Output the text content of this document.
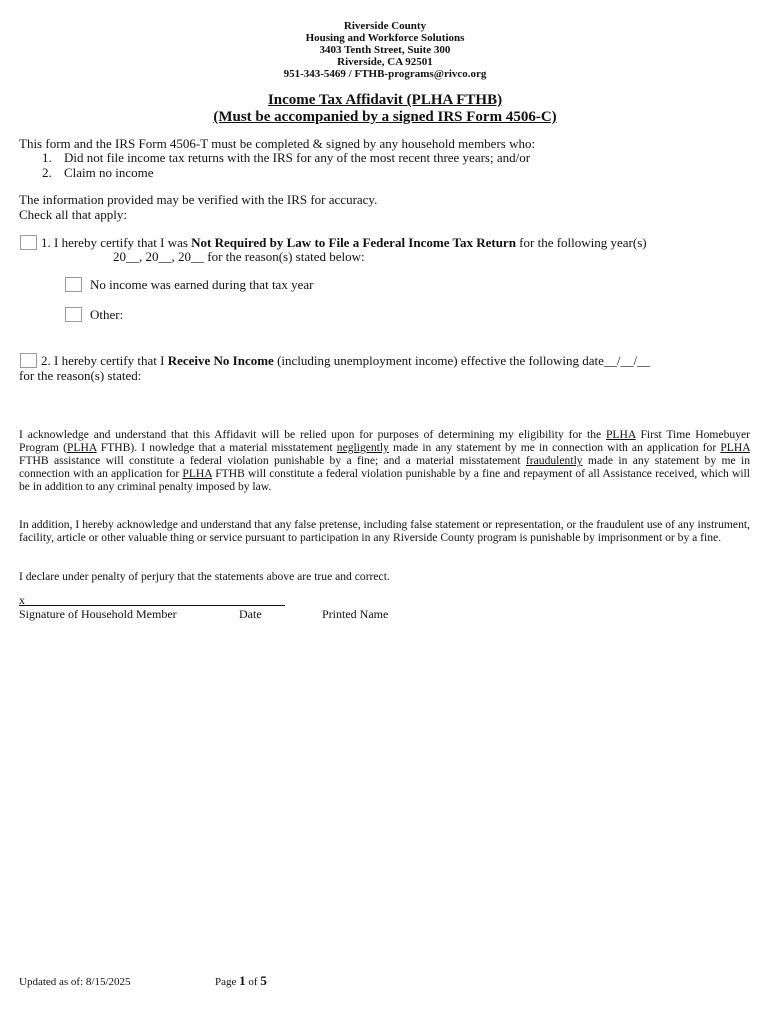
Riverside County
Housing and Workforce Solutions
3403 Tenth Street, Suite 300
Riverside, CA 92501
951-343-5469 / FTHB-programs@rivco.org
Income Tax Affidavit (PLHA FTHB)
(Must be accompanied by a signed IRS Form 4506-C)
This form and the IRS Form 4506-T must be completed & signed by any household members who:
1. Did not file income tax returns with the IRS for any of the most recent three years; and/or
2. Claim no income
The information provided may be verified with the IRS for accuracy.
Check all that apply:
1. I hereby certify that I was Not Required by Law to File a Federal Income Tax Return for the following year(s)
20__, 20__, 20__ for the reason(s) stated below:
No income was earned during that tax year
Other:
2. I hereby certify that I Receive No Income (including unemployment income) effective the following date__/__/__
for the reason(s) stated:
I acknowledge and understand that this Affidavit will be relied upon for purposes of determining my eligibility for the PLHA First Time Homebuyer Program (PLHA FTHB). I nowledge that a material misstatement negligently made in any statement by me in connection with an application for PLHA FTHB assistance will constitute a federal violation punishable by a fine; and a material misstatement fraudulently made in any statement by me in connection with an application for PLHA FTHB will constitute a federal violation punishable by a fine and repayment of all Assistance received, which will be in addition to any criminal penalty imposed by law.
In addition, I hereby acknowledge and understand that any false pretense, including false statement or representation, or the fraudulent use of any instrument, facility, article or other valuable thing or service pursuant to participation in any Riverside County program is punishable by imprisonment or by a fine.
I declare under penalty of perjury that the statements above are true and correct.
x
Signature of Household Member	Date	Printed Name
Updated as of: 8/15/2025	Page 1 of 5
